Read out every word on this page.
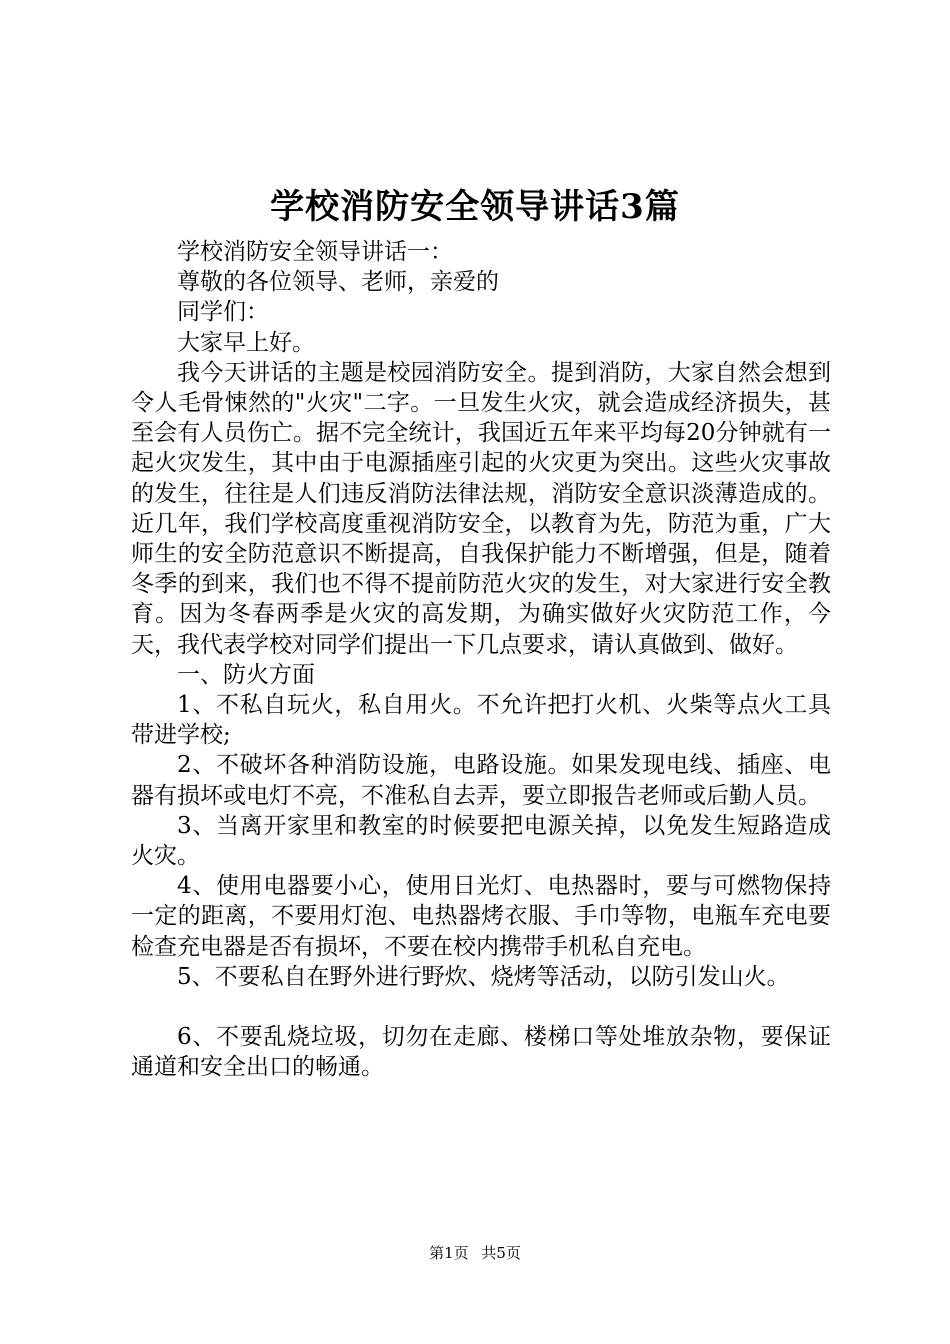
学校消防安全领导讲话3篇

学校消防安全领导讲话一：

尊敬的各位领导、老师，亲爱的

同学们：

大家早上好。

我今天讲话的主题是校园消防安全。提到消防，大家自然会想到令人毛骨悚然的"火灾"二字。一旦发生火灾，就会造成经济损失，甚至会有人员伤亡。据不完全统计，我国近五年来平均每20分钟就有一起火灾发生，其中由于电源插座引起的火灾更为突出。这些火灾事故的发生，往往是人们违反消防法律法规，消防安全意识淡薄造成的。近几年，我们学校高度重视消防安全，以教育为先，防范为重，广大师生的安全防范意识不断提高，自我保护能力不断增强，但是，随着冬季的到来，我们也不得不提前防范火灾的发生，对大家进行安全教育。因为冬春两季是火灾的高发期，为确实做好火灾防范工作，今天，我代表学校对同学们提出一下几点要求，请认真做到、做好。

一、防火方面

1、不私自玩火，私自用火。不允许把打火机、火柴等点火工具带进学校;

2、不破坏各种消防设施，电路设施。如果发现电线、插座、电器有损坏或电灯不亮，不准私自去弄，要立即报告老师或后勤人员。

3、当离开家里和教室的时候要把电源关掉，以免发生短路造成火灾。

4、使用电器要小心，使用日光灯、电热器时，要与可燃物保持一定的距离，不要用灯泡、电热器烤衣服、手巾等物，电瓶车充电要检查充电器是否有损坏，不要在校内携带手机私自充电。

5、不要私自在野外进行野炊、烧烤等活动，以防引发山火。

6、不要乱烧垃圾，切勿在走廊、楼梯口等处堆放杂物，要保证通道和安全出口的畅通。

第1页 共5页
